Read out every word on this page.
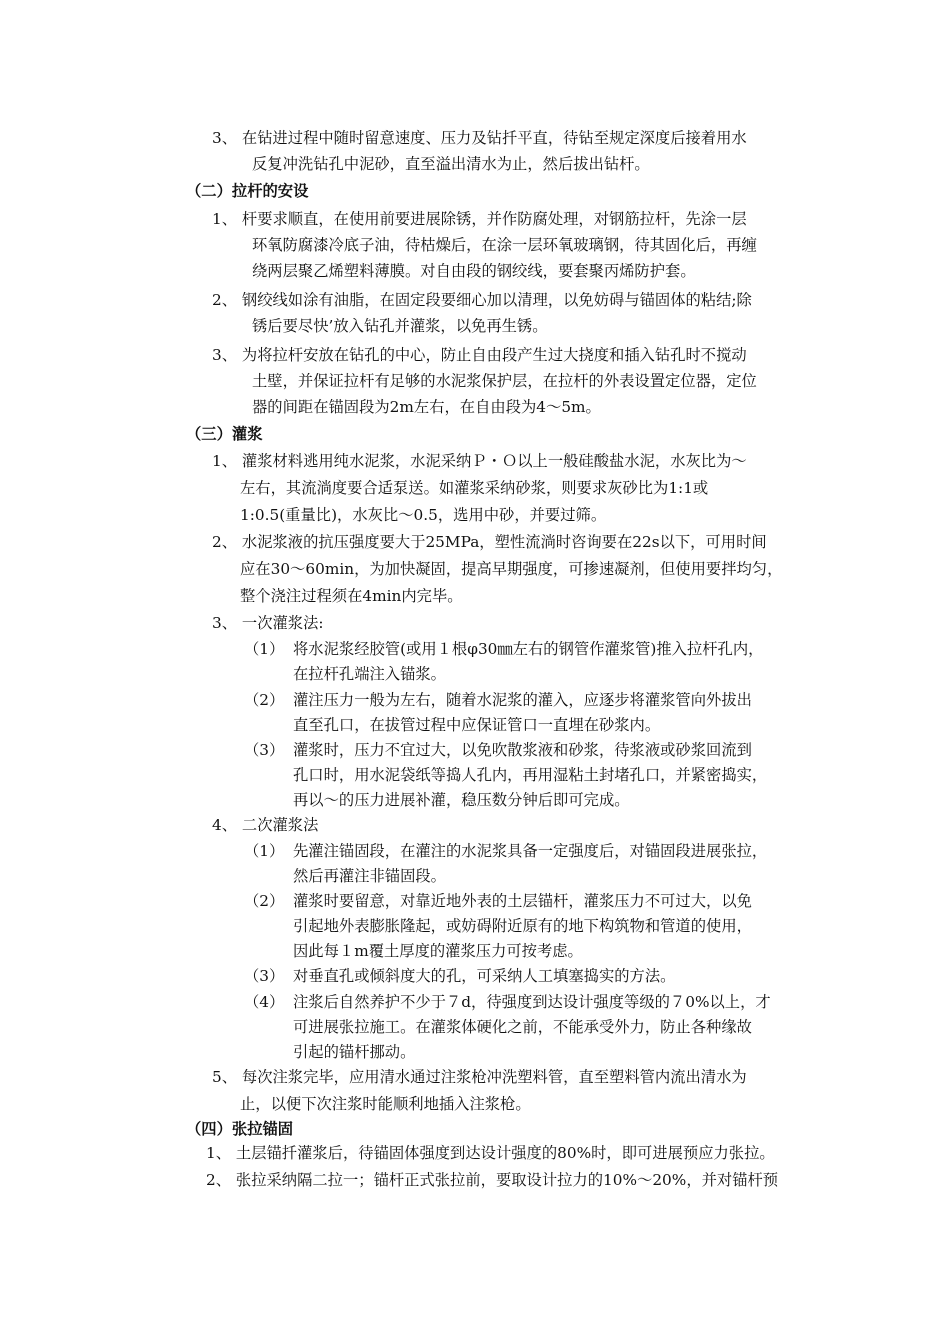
3、 在钻进过程中随时留意速度、压力及钻扦平直，待钻至规定深度后接着用水
反复冲洗钻孔中泥砂，直至溢出清水为止，然后拔出钻杆。
（二）拉杆的安设
1、 杆要求顺直，在使用前要进展除锈，并作防腐处理，对钢筋拉杆，先涂一层
环氧防腐漆冷底子油，待枯燥后，在涂一层环氧玻璃钢，待其固化后，再缠
绕两层聚乙烯塑料薄膜。对自由段的钢绞线，要套聚丙烯防护套。
2、 钢绞线如涂有油脂，在固定段要细心加以清理，以免妨碍与锚固体的粘结;除
锈后要尽快’放入钻孔并灌浆，以免再生锈。
3、 为将拉杆安放在钻孔的中心，防止自由段产生过大挠度和插入钻孔时不搅动
土壁，并保证拉杆有足够的水泥浆保护层，在拉杆的外表设置定位器，定位
器的间距在锚固段为2m左右，在自由段为4～5m。
（三）灌浆
1、 灌浆材料逃用纯水泥浆，水泥采纳Ｐ・Ｏ以上一般硅酸盐水泥，水灰比为～
左右，其流淌度要合适泵送。如灌浆采纳砂浆，则要求灰砂比为1:1或
1:0.5(重量比)，水灰比～0.5，选用中砂，并要过筛。
2、 水泥浆液的抗压强度要大于25MPa，塑性流淌时咨询要在22s以下，可用时间
应在30～60min，为加快凝固，提高早期强度，可掺速凝剂，但使用要拌均匀，
整个浇注过程须在4min内完毕。
3、 一次灌浆法:
（1） 将水泥浆经胶管(或用１根φ30㎜左右的钢管作灌浆管)推入拉杆孔内，
在拉杆孔端注入锚浆。
（2） 灌注压力一般为左右，随着水泥浆的灌入，应逐步将灌浆管向外拔出
直至孔口，在拔管过程中应保证管口一直埋在砂浆内。
（3） 灌浆时，压力不宜过大，以免吹散浆液和砂浆，待浆液或砂浆回流到
孔口时，用水泥袋纸等捣人孔内，再用湿粘土封堵孔口，并紧密捣实，
再以～的压力进展补灌，稳压数分钟后即可完成。
4、 二次灌浆法
（1） 先灌注锚固段，在灌注的水泥浆具备一定强度后，对锚固段进展张拉，
然后再灌注非锚固段。
（2） 灌浆时要留意，对靠近地外表的土层锚杆，灌浆压力不可过大，以免
引起地外表膨胀隆起，或妨碍附近原有的地下构筑物和管道的使用，
因此每１m覆土厚度的灌浆压力可按考虑。
（3） 对垂直孔或倾斜度大的孔，可采纳人工填塞捣实的方法。
（4） 注浆后自然养护不少于７d，待强度到达设计强度等级的７0%以上，才
可进展张拉施工。在灌浆体硬化之前，不能承受外力，防止各种缘故
引起的锚杆挪动。
5、 每次注浆完毕，应用清水通过注浆枪冲洗塑料管，直至塑料管内流出清水为
止，以便下次注浆时能顺利地插入注浆枪。
（四）张拉锚固
1、 土层锚扦灌浆后，待锚固体强度到达设计强度的80%时，即可进展预应力张拉。
2、 张拉采纳隔二拉一；锚杆正式张拉前，要取设计拉力的10%～20%，并对锚杆预
